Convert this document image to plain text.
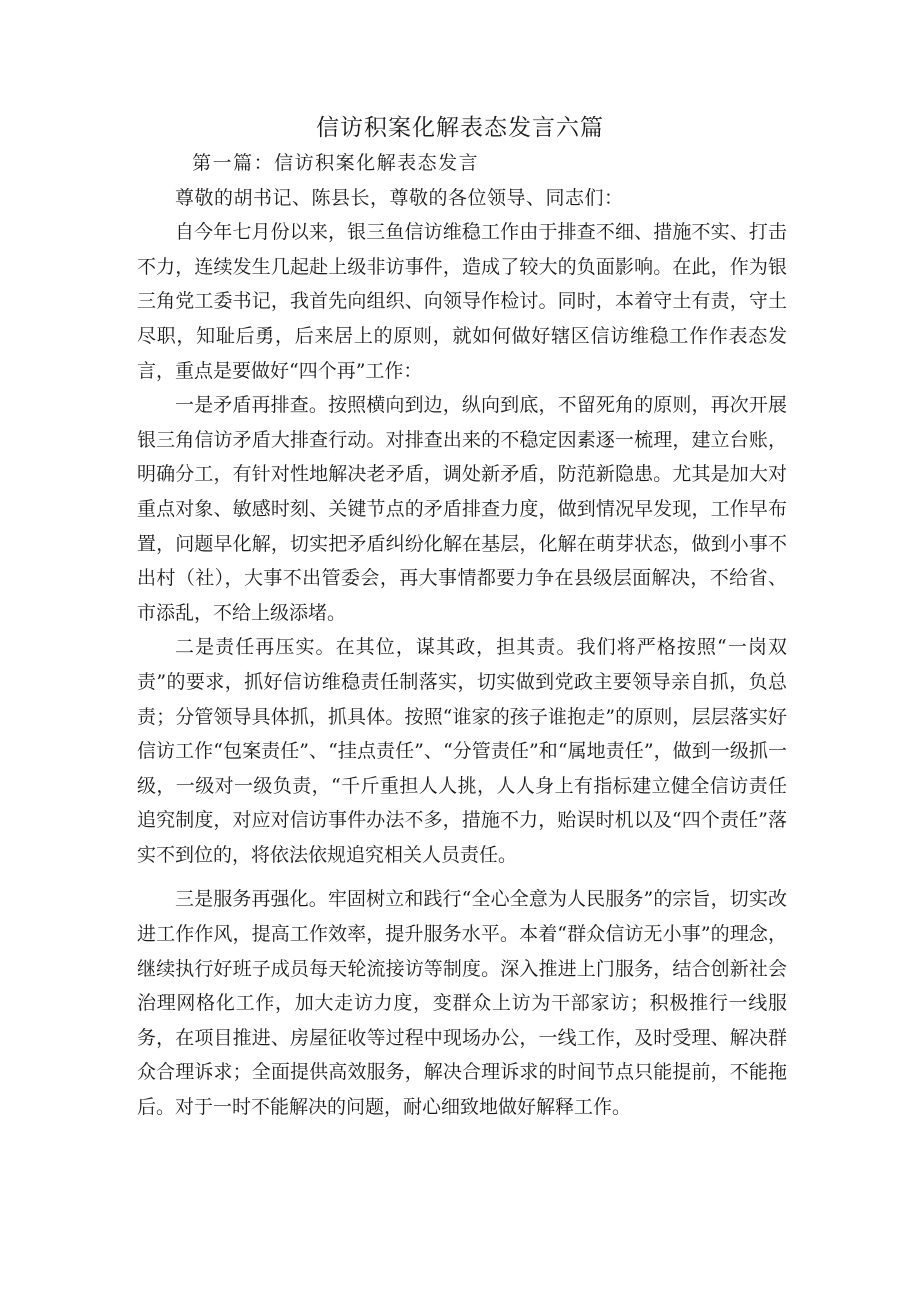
信访积案化解表态发言六篇

第一篇：信访积案化解表态发言

尊敬的胡书记、陈县长，尊敬的各位领导、同志们：

自今年七月份以来，银三鱼信访维稳工作由于排查不细、措施不实、打击不力，连续发生几起赴上级非访事件，造成了较大的负面影响。在此，作为银三角党工委书记，我首先向组织、向领导作检讨。同时，本着守土有责，守土尽职，知耻后勇，后来居上的原则，就如何做好辖区信访维稳工作作表态发言，重点是要做好“四个再”工作：

一是矛盾再排查。按照横向到边，纵向到底，不留死角的原则，再次开展银三角信访矛盾大排查行动。对排查出来的不稳定因素逐一梳理，建立台账，明确分工，有针对性地解决老矛盾，调处新矛盾，防范新隐患。尤其是加大对重点对象、敏感时刻、关键节点的矛盾排查力度，做到情况早发现，工作早布置，问题早化解，切实把矛盾纠纷化解在基层，化解在萌芽状态，做到小事不出村（社），大事不出管委会，再大事情都要力争在县级层面解决，不给省、市添乱，不给上级添堵。

二是责任再压实。在其位，谋其政，担其责。我们将严格按照“一岗双责”的要求，抓好信访维稳责任制落实，切实做到党政主要领导亲自抓，负总责；分管领导具体抓，抓具体。按照“谁家的孩子谁抱走”的原则，层层落实好信访工作“包案责任”、“挂点责任”、“分管责任”和“属地责任”，做到一级抓一级，一级对一级负责，“千斤重担人人挑，人人身上有指标建立健全信访责任追究制度，对应对信访事件办法不多，措施不力，贻误时机以及“四个责任”落实不到位的，将依法依规追究相关人员责任。

三是服务再强化。牢固树立和践行“全心全意为人民服务”的宗旨，切实改进工作作风，提高工作效率，提升服务水平。本着“群众信访无小事”的理念，继续执行好班子成员每天轮流接访等制度。深入推进上门服务，结合创新社会治理网格化工作，加大走访力度，变群众上访为干部家访；积极推行一线服务，在项目推进、房屋征收等过程中现场办公，一线工作，及时受理、解决群众合理诉求；全面提供高效服务，解决合理诉求的时间节点只能提前，不能拖后。对于一时不能解决的问题，耐心细致地做好解释工作。
